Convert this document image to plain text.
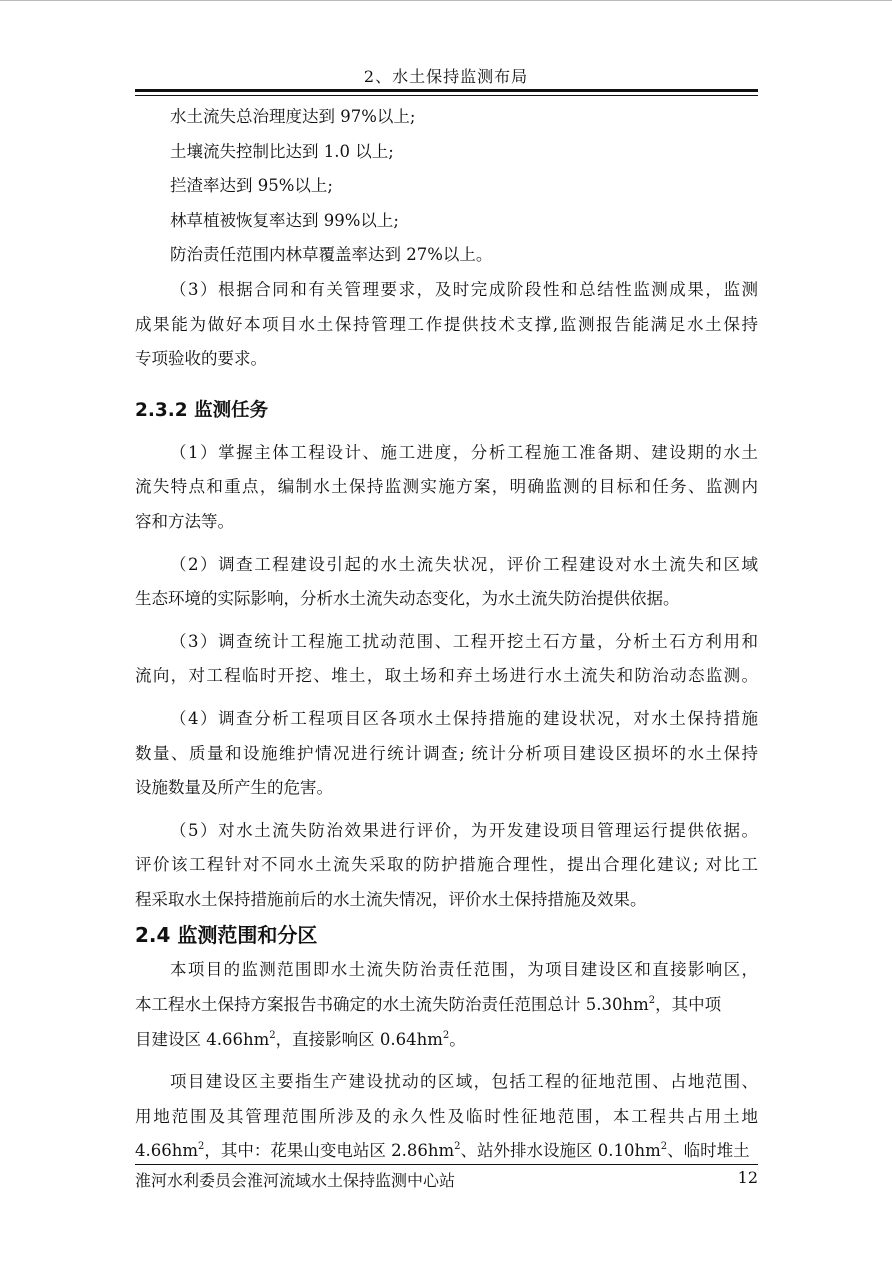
2、水土保持监测布局
水土流失总治理度达到 97%以上;
土壤流失控制比达到 1.0 以上;
拦渣率达到 95%以上;
林草植被恢复率达到 99%以上;
防治责任范围内林草覆盖率达到 27%以上。
（3）根据合同和有关管理要求，及时完成阶段性和总结性监测成果，监测
成果能为做好本项目水土保持管理工作提供技术支撑,监测报告能满足水土保持
专项验收的要求。
2.3.2 监测任务
（1）掌握主体工程设计、施工进度，分析工程施工准备期、建设期的水土
流失特点和重点，编制水土保持监测实施方案，明确监测的目标和任务、监测内
容和方法等。
（2）调查工程建设引起的水土流失状况，评价工程建设对水土流失和区域
生态环境的实际影响，分析水土流失动态变化，为水土流失防治提供依据。
（3）调查统计工程施工扰动范围、工程开挖土石方量，分析土石方利用和
流向，对工程临时开挖、堆土，取土场和弃土场进行水土流失和防治动态监测。
（4）调查分析工程项目区各项水土保持措施的建设状况，对水土保持措施
数量、质量和设施维护情况进行统计调查; 统计分析项目建设区损坏的水土保持
设施数量及所产生的危害。
（5）对水土流失防治效果进行评价，为开发建设项目管理运行提供依据。
评价该工程针对不同水土流失采取的防护措施合理性，提出合理化建议; 对比工
程采取水土保持措施前后的水土流失情况，评价水土保持措施及效果。
2.4 监测范围和分区
本项目的监测范围即水土流失防治责任范围，为项目建设区和直接影响区，
本工程水土保持方案报告书确定的水土流失防治责任范围总计 $5.30hm^2$，其中项
目建设区 $4.66hm^2$，直接影响区 $0.64hm^2$。
项目建设区主要指生产建设扰动的区域，包括工程的征地范围、占地范围、
用地范围及其管理范围所涉及的永久性及临时性征地范围，本工程共占用土地
$4.66hm^2$，其中：花果山变电站区 $2.86hm^2$、站外排水设施区 $0.10hm^2$、临时堆土
淮河水利委员会淮河流域水土保持监测中心站	12
